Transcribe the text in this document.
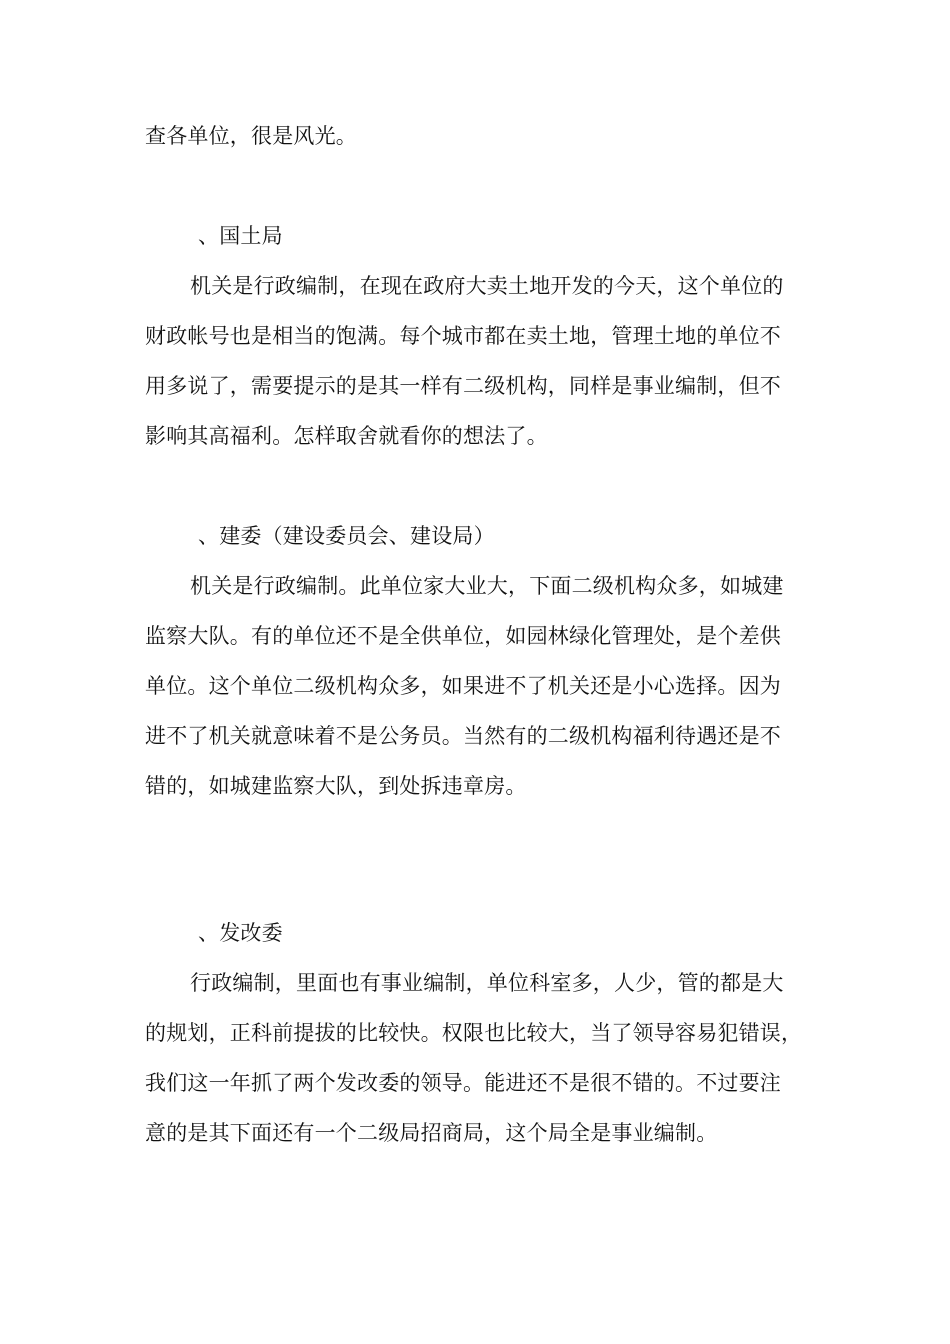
查各单位，很是风光。

、国土局

机关是行政编制，在现在政府大卖土地开发的今天，这个单位的

财政帐号也是相当的饱满。每个城市都在卖土地，管理土地的单位不

用多说了，需要提示的是其一样有二级机构，同样是事业编制，但不

影响其高福利。怎样取舍就看你的想法了。

、建委（建设委员会、建设局）

机关是行政编制。此单位家大业大，下面二级机构众多，如城建

监察大队。有的单位还不是全供单位，如园林绿化管理处，是个差供

单位。这个单位二级机构众多，如果进不了机关还是小心选择。因为

进不了机关就意味着不是公务员。当然有的二级机构福利待遇还是不

错的，如城建监察大队，到处拆违章房。

、发改委

行政编制，里面也有事业编制，单位科室多，人少，管的都是大

的规划，正科前提拔的比较快。权限也比较大，当了领导容易犯错误，

我们这一年抓了两个发改委的领导。能进还不是很不错的。不过要注

意的是其下面还有一个二级局招商局，这个局全是事业编制。
